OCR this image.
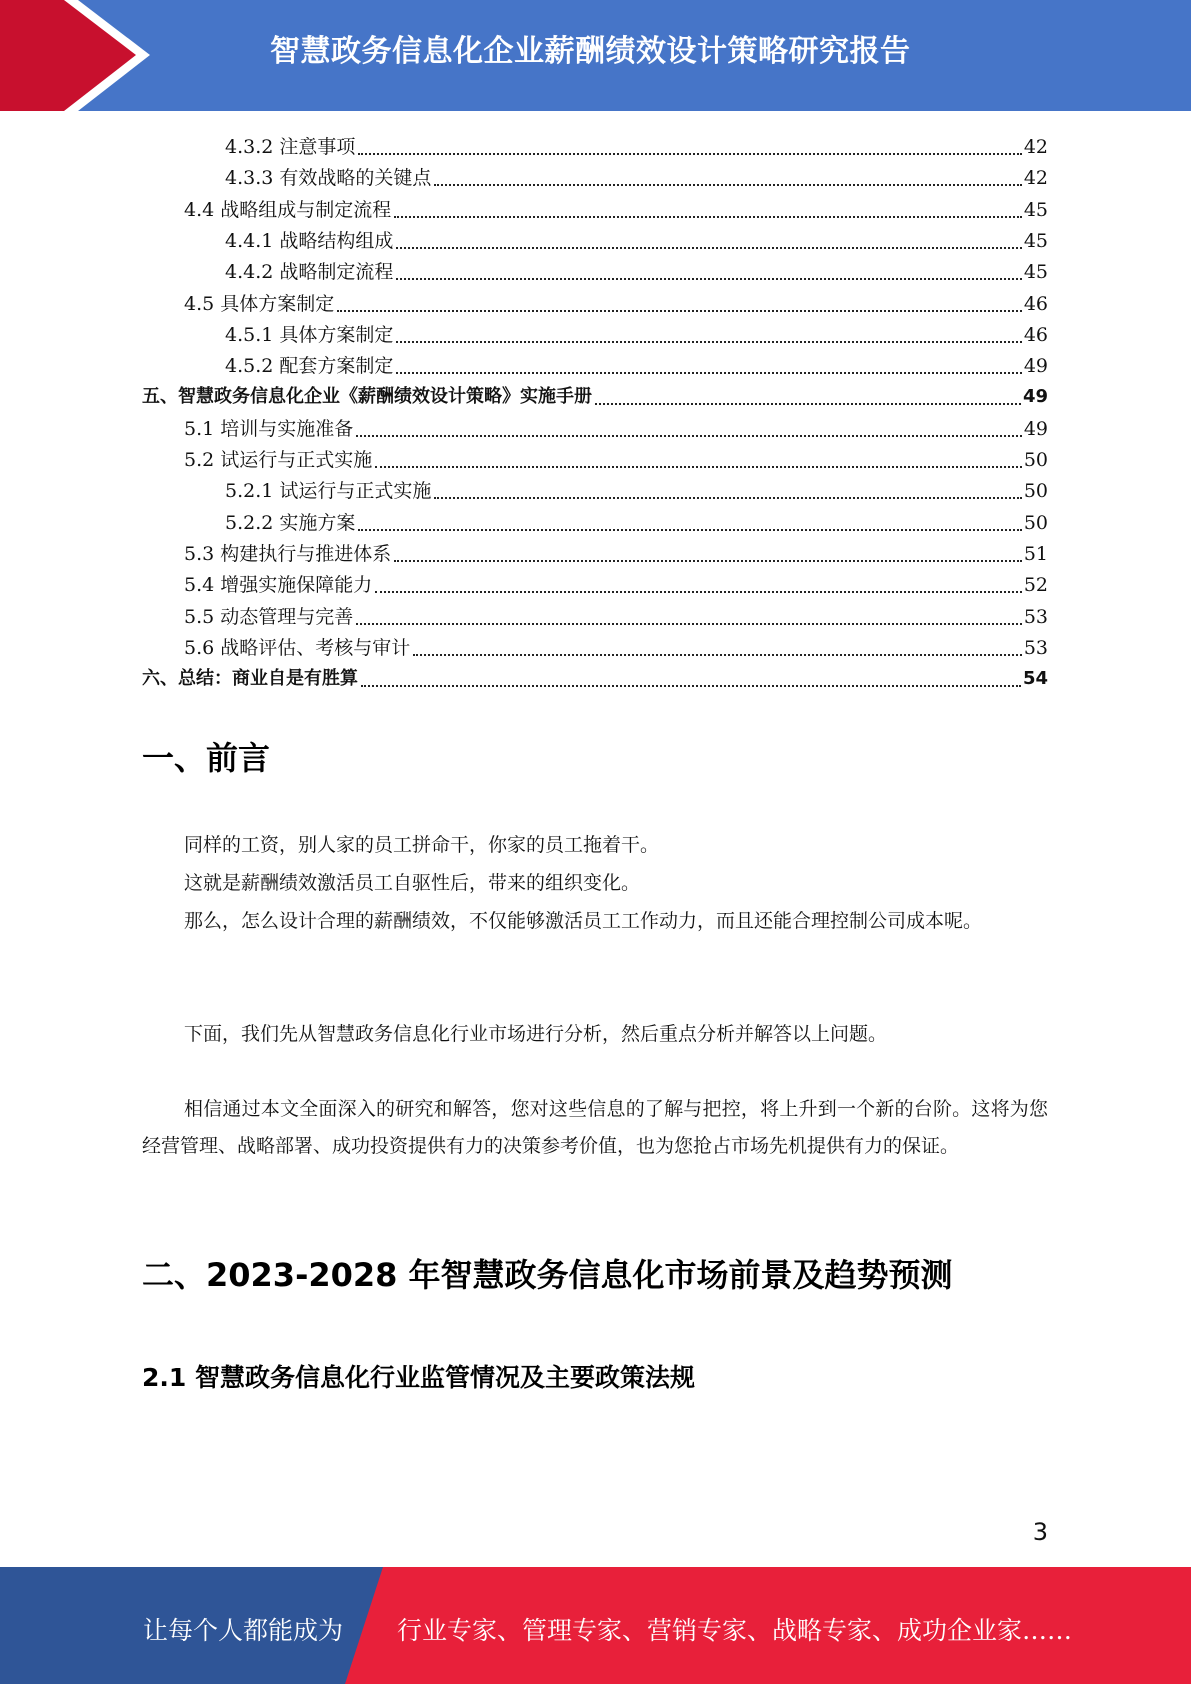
智慧政务信息化企业薪酬绩效设计策略研究报告
4.3.2 注意事项	42
4.3.3 有效战略的关键点	42
4.4 战略组成与制定流程	45
4.4.1 战略结构组成	45
4.4.2 战略制定流程	45
4.5 具体方案制定	46
4.5.1 具体方案制定	46
4.5.2 配套方案制定	49
五、智慧政务信息化企业《薪酬绩效设计策略》实施手册	49
5.1 培训与实施准备	49
5.2 试运行与正式实施	50
5.2.1 试运行与正式实施	50
5.2.2 实施方案	50
5.3 构建执行与推进体系	51
5.4 增强实施保障能力	52
5.5 动态管理与完善	53
5.6 战略评估、考核与审计	53
六、总结：商业自是有胜算	54
一、前言
同样的工资，别人家的员工拼命干，你家的员工拖着干。
这就是薪酬绩效激活员工自驱性后，带来的组织变化。
那么，怎么设计合理的薪酬绩效，不仅能够激活员工工作动力，而且还能合理控制公司成本呢。
下面，我们先从智慧政务信息化行业市场进行分析，然后重点分析并解答以上问题。
相信通过本文全面深入的研究和解答，您对这些信息的了解与把控，将上升到一个新的台阶。这将为您经营管理、战略部署、成功投资提供有力的决策参考价值，也为您抢占市场先机提供有力的保证。
二、2023-2028 年智慧政务信息化市场前景及趋势预测
2.1 智慧政务信息化行业监管情况及主要政策法规
3
让每个人都能成为 行业专家、管理专家、营销专家、战略专家、成功企业家……
